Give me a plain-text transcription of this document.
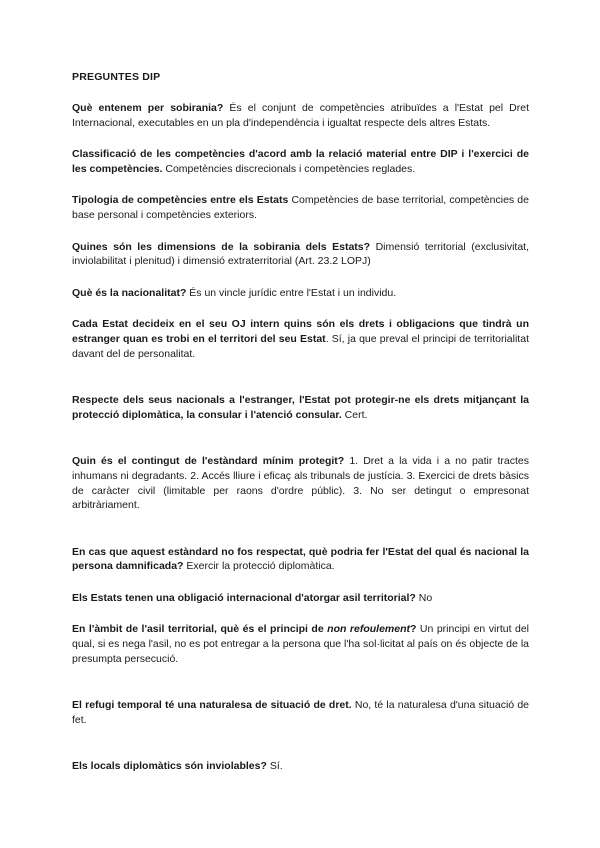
PREGUNTES DIP

Què entenem per sobirania? És el conjunt de competències atribuïdes a l'Estat pel Dret Internacional, executables en un pla d'independència i igualtat respecte dels altres Estats.

Classificació de les competències d'acord amb la relació material entre DIP i l'exercici de les competències. Competències discrecionals i competències reglades.

Tipologia de competències entre els Estats Competències de base territorial, competències de base personal i competències exteriors.

Quines són les dimensions de la sobirania dels Estats? Dimensió territorial (exclusivitat, inviolabilitat i plenitud) i dimensió extraterritorial (Art. 23.2 LOPJ)

Què és la nacionalitat? És un vincle jurídic entre l'Estat i un individu.

Cada Estat decideix en el seu OJ intern quins són els drets i obligacions que tindrà un estranger quan es trobi en el territori del seu Estat. Sí, ja que preval el principi de territorialitat davant del de personalitat.

Respecte dels seus nacionals a l'estranger, l'Estat pot protegir-ne els drets mitjançant la protecció diplomàtica, la consular i l'atenció consular. Cert.

Quin és el contingut de l'estàndard mínim protegit? 1. Dret a la vida i a no patir tractes inhumans ni degradants. 2. Accés lliure i eficaç als tribunals de justícia. 3. Exercici de drets bàsics de caràcter civil (limitable per raons d'ordre públic). 3. No ser detingut o empresonat arbitràriament.

En cas que aquest estàndard no fos respectat, què podria fer l'Estat del qual és nacional la persona damnificada? Exercir la protecció diplomàtica.

Els Estats tenen una obligació internacional d'atorgar asil territorial? No

En l'àmbit de l'asil territorial, què és el principi de non refoulement? Un principi en virtut del qual, si es nega l'asil, no es pot entregar a la persona que l'ha sol·licitat al país on és objecte de la presumpta persecució.

El refugi temporal té una naturalesa de situació de dret. No, té la naturalesa d'una situació de fet.

Els locals diplomàtics són inviolables? Sí.
